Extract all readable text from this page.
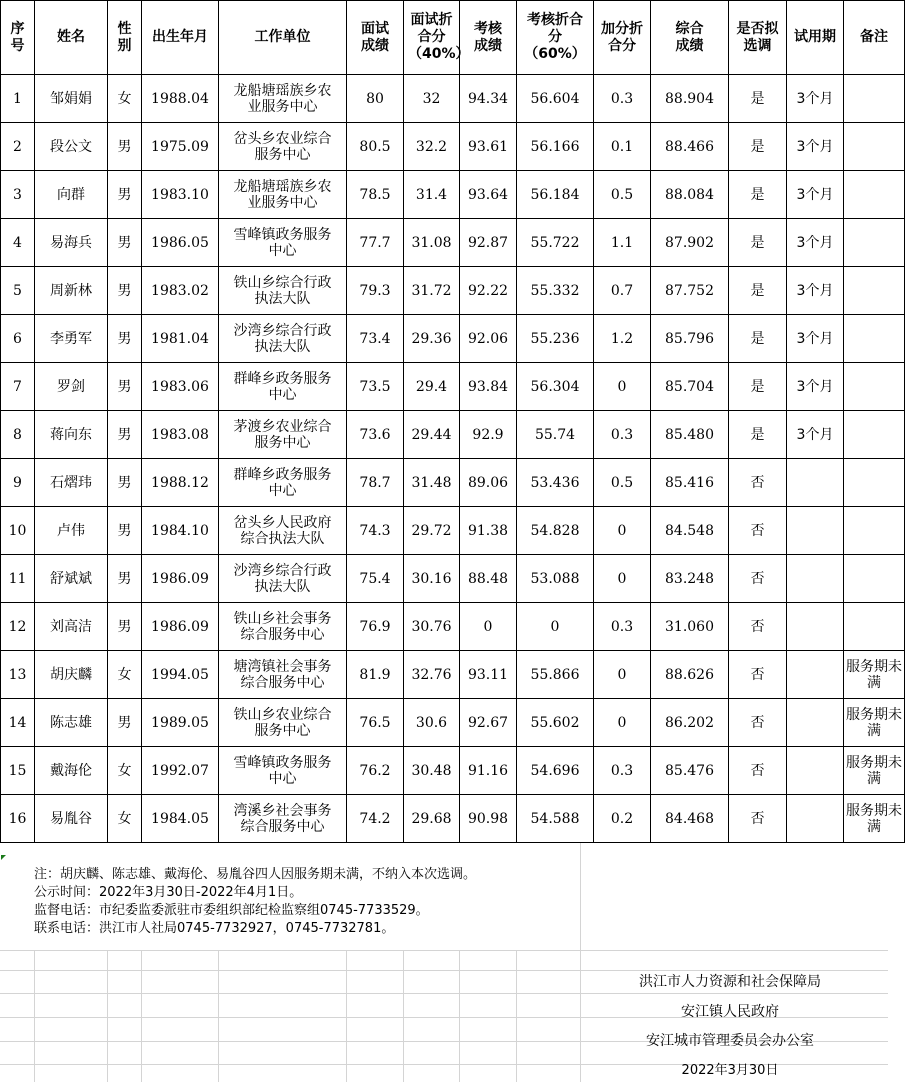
序号	姓名	性别	出生年月	工作单位	面试成绩	面试折合分（40%）	考核成绩	考核折合分（60%）	加分折合分	综合成绩	是否拟选调	试用期	备注
1	邹娟娟	女	1988.04	龙船塘瑶族乡农业服务中心	80	32	94.34	56.604	0.3	88.904	是	3个月	
2	段公文	男	1975.09	岔头乡农业综合服务中心	80.5	32.2	93.61	56.166	0.1	88.466	是	3个月	
3	向群	男	1983.10	龙船塘瑶族乡农业服务中心	78.5	31.4	93.64	56.184	0.5	88.084	是	3个月	
4	易海兵	男	1986.05	雪峰镇政务服务中心	77.7	31.08	92.87	55.722	1.1	87.902	是	3个月	
5	周新林	男	1983.02	铁山乡综合行政执法大队	79.3	31.72	92.22	55.332	0.7	87.752	是	3个月	
6	李勇军	男	1981.04	沙湾乡综合行政执法大队	73.4	29.36	92.06	55.236	1.2	85.796	是	3个月	
7	罗剑	男	1983.06	群峰乡政务服务中心	73.5	29.4	93.84	56.304	0	85.704	是	3个月	
8	蒋向东	男	1983.08	茅渡乡农业综合服务中心	73.6	29.44	92.9	55.74	0.3	85.480	是	3个月	
9	石熠玮	男	1988.12	群峰乡政务服务中心	78.7	31.48	89.06	53.436	0.5	85.416	否		
10	卢伟	男	1984.10	岔头乡人民政府综合执法大队	74.3	29.72	91.38	54.828	0	84.548	否		
11	舒斌斌	男	1986.09	沙湾乡综合行政执法大队	75.4	30.16	88.48	53.088	0	83.248	否		
12	刘高洁	男	1986.09	铁山乡社会事务综合服务中心	76.9	30.76	0	0	0.3	31.060	否		
13	胡庆麟	女	1994.05	塘湾镇社会事务综合服务中心	81.9	32.76	93.11	55.866	0	88.626	否		服务期未满
14	陈志雄	男	1989.05	铁山乡农业综合服务中心	76.5	30.6	92.67	55.602	0	86.202	否		服务期未满
15	戴海伦	女	1992.07	雪峰镇政务服务中心	76.2	30.48	91.16	54.696	0.3	85.476	否		服务期未满
16	易胤谷	女	1984.05	湾溪乡社会事务综合服务中心	74.2	29.68	90.98	54.588	0.2	84.468	否		服务期未满
注：胡庆麟、陈志雄、戴海伦、易胤谷四人因服务期未满，不纳入本次选调。
公示时间：2022年3月30日-2022年4月1日。
监督电话：市纪委监委派驻市委组织部纪检监察组0745-7733529。
联系电话：洪江市人社局0745-7732927，0745-7732781。
洪江市人力资源和社会保障局
安江镇人民政府
安江城市管理委员会办公室
2022年3月30日
